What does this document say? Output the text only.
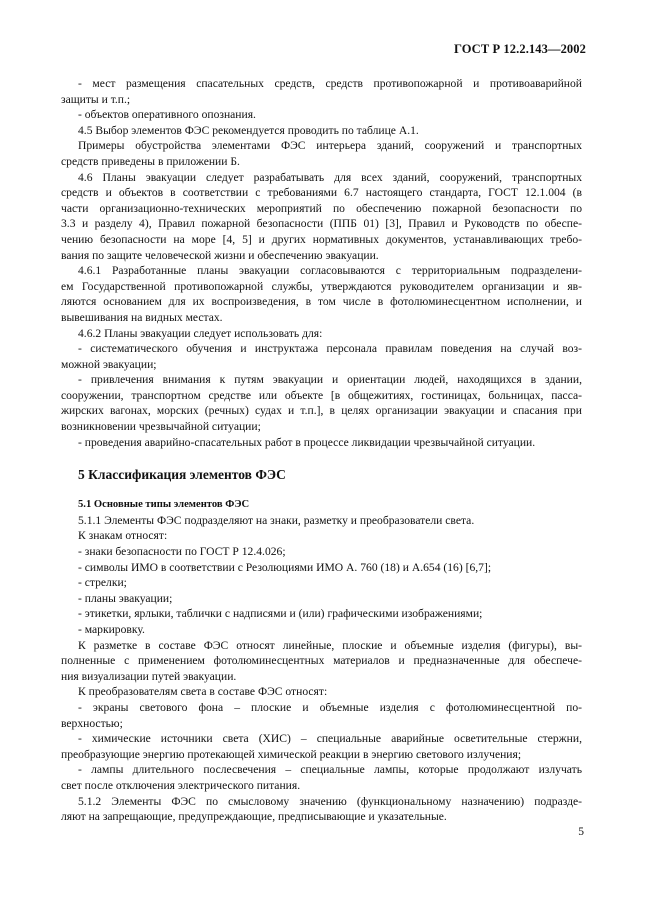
ГОСТ Р 12.2.143—2002
- мест размещения спасательных средств, средств противопожарной и противоаварийной
защиты и т.п.;
- объектов оперативного опознания.
4.5 Выбор элементов ФЭС рекомендуется проводить по таблице А.1.
Примеры обустройства элементами ФЭС интерьера зданий, сооружений и транспортных
средств приведены в приложении Б.
4.6 Планы эвакуации следует разрабатывать для всех зданий, сооружений, транспортных
средств и объектов в соответствии с требованиями 6.7 настоящего стандарта, ГОСТ 12.1.004 (в
части организационно-технических мероприятий по обеспечению пожарной безопасности по
3.3 и разделу 4), Правил пожарной безопасности (ППБ 01) [3], Правил и Руководств по обеспе-
чению безопасности на море [4, 5] и других нормативных документов, устанавливающих требо-
вания по защите человеческой жизни и обеспечению эвакуации.
4.6.1 Разработанные планы эвакуации согласовываются с территориальным подразделени-
ем Государственной противопожарной службы, утверждаются руководителем организации и яв-
ляются основанием для их воспроизведения, в том числе в фотолюминесцентном исполнении, и
вывешивания на видных местах.
4.6.2 Планы эвакуации следует использовать для:
- систематического обучения и инструктажа персонала правилам поведения на случай воз-
можной эвакуации;
- привлечения внимания к путям эвакуации и ориентации людей, находящихся в здании,
сооружении, транспортном средстве или объекте [в общежитиях, гостиницах, больницах, пасса-
жирских вагонах, морских (речных) судах и т.п.], в целях организации эвакуации и спасания при
возникновении чрезвычайной ситуации;
- проведения аварийно-спасательных работ в процессе ликвидации чрезвычайной ситуации.
5 Классификация элементов ФЭС
5.1 Основные типы элементов ФЭС
5.1.1 Элементы ФЭС подразделяют на знаки, разметку и преобразователи света.
К знакам относят:
- знаки безопасности по ГОСТ Р 12.4.026;
- символы ИМО в соответствии с Резолюциями ИМО А. 760 (18) и А.654 (16) [6,7];
- стрелки;
- планы эвакуации;
- этикетки, ярлыки, таблички с надписями и (или) графическими изображениями;
- маркировку.
К разметке в составе ФЭС относят линейные, плоские и объемные изделия (фигуры), вы-
полненные с применением фотолюминесцентных материалов и предназначенные для обеспече-
ния визуализации путей эвакуации.
К преобразователям света в составе ФЭС относят:
- экраны светового фона – плоские и объемные изделия с фотолюминесцентной по-
верхностью;
- химические источники света (ХИС) – специальные аварийные осветительные стержни,
преобразующие энергию протекающей химической реакции в энергию светового излучения;
- лампы длительного послесвечения – специальные лампы, которые продолжают излучать
свет после отключения электрического питания.
5.1.2 Элементы ФЭС по смысловому значению (функциональному назначению) подразде-
ляют на запрещающие, предупреждающие, предписывающие и указательные.
5
